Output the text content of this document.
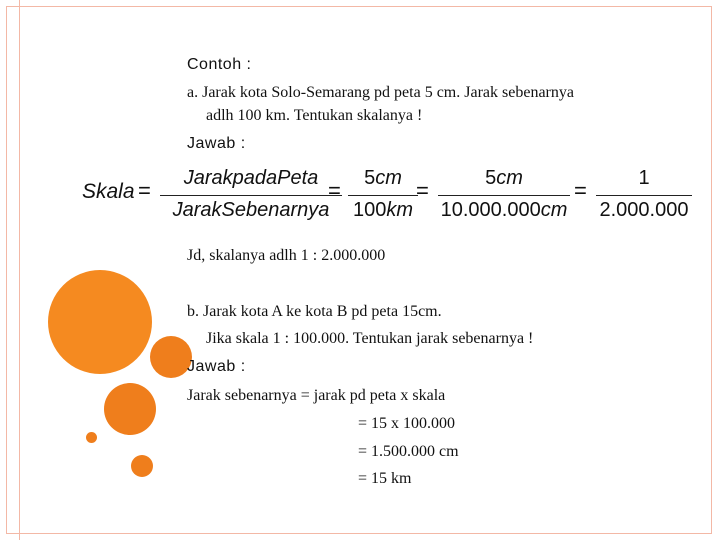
Contoh :
a. Jarak kota Solo-Semarang pd peta 5 cm. Jarak sebenarnya
adlh 100 km. Tentukan skalanya !
Jawab :
Skala =	JarakpadaPeta
JarakSebenarnya
=	5cm
100km
=	5cm
10.000.000cm
=	1
2.000.000
Jd, skalanya adlh 1 : 2.000.000
b. Jarak kota A ke kota B pd peta 15cm.
Jika skala 1 : 100.000. Tentukan jarak sebenarnya !
Jawab :
Jarak sebenarnya = jarak pd peta x skala
= 15 x 100.000
= 1.500.000 cm
= 15 km
